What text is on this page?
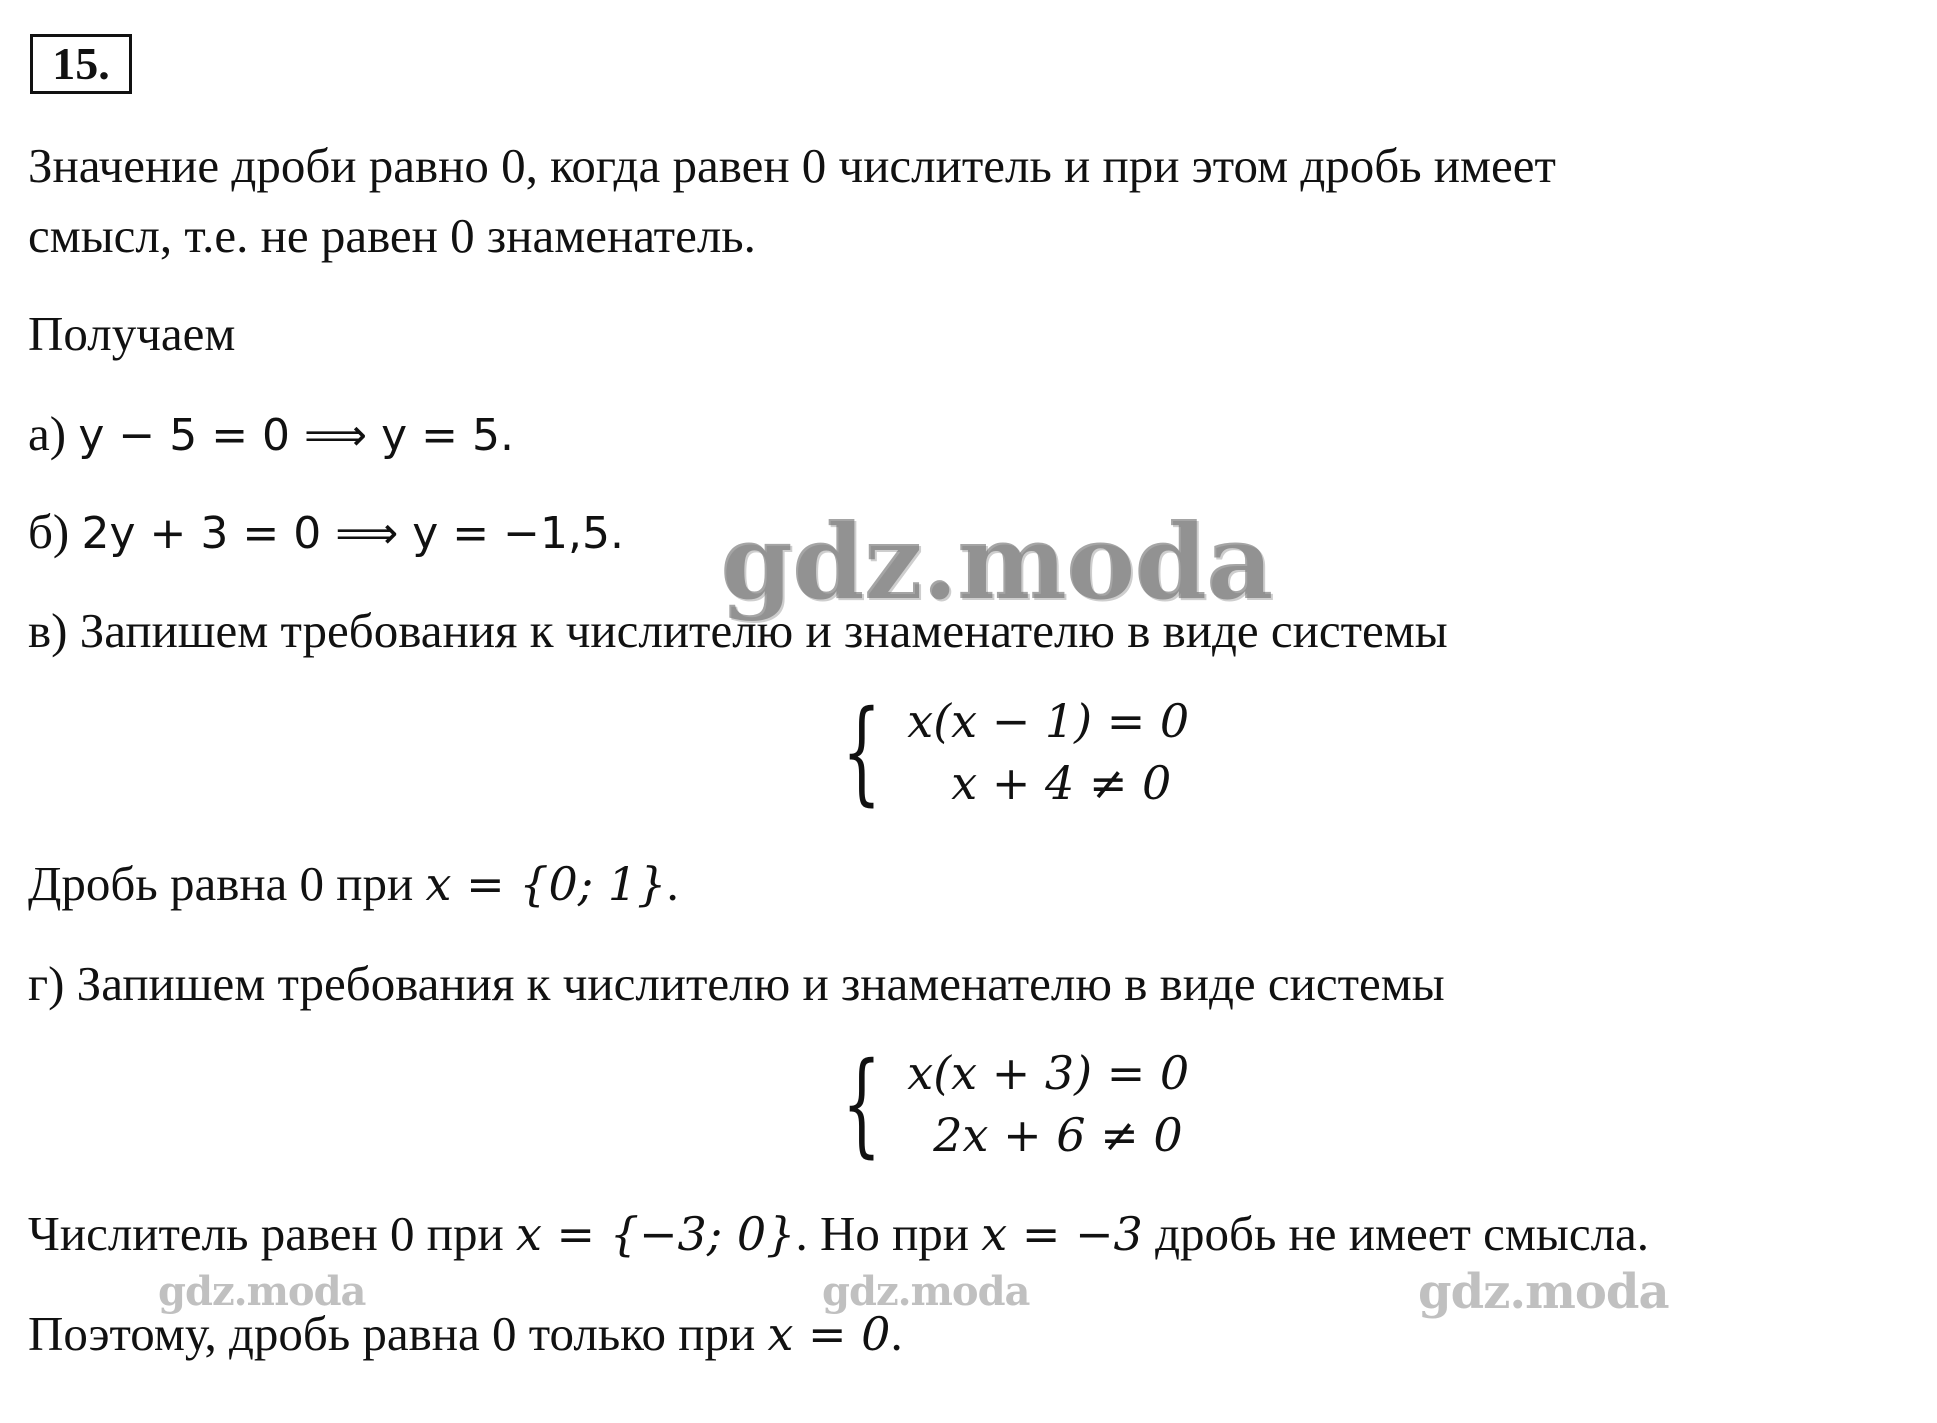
15.
Значение дроби равно 0, когда равен 0 числитель и при этом дробь имеет
смысл, т.е. не равен 0 знаменатель.
Получаем
а) y − 5 = 0 ⟹ y = 5.
б) 2y + 3 = 0 ⟹ y = −1,5.
в) Запишем требования к числителю и знаменателю в виде системы
{ x(x − 1) = 0
x + 4 ≠ 0
Дробь равна 0 при x = {0; 1}.
г) Запишем требования к числителю и знаменателю в виде системы
{ x(x + 3) = 0
2x + 6 ≠ 0
Числитель равен 0 при x = {−3; 0}. Но при x = −3 дробь не имеет смысла.
Поэтому, дробь равна 0 только при x = 0.
gdz.moda
gdz.moda	gdz.moda	gdz.moda
